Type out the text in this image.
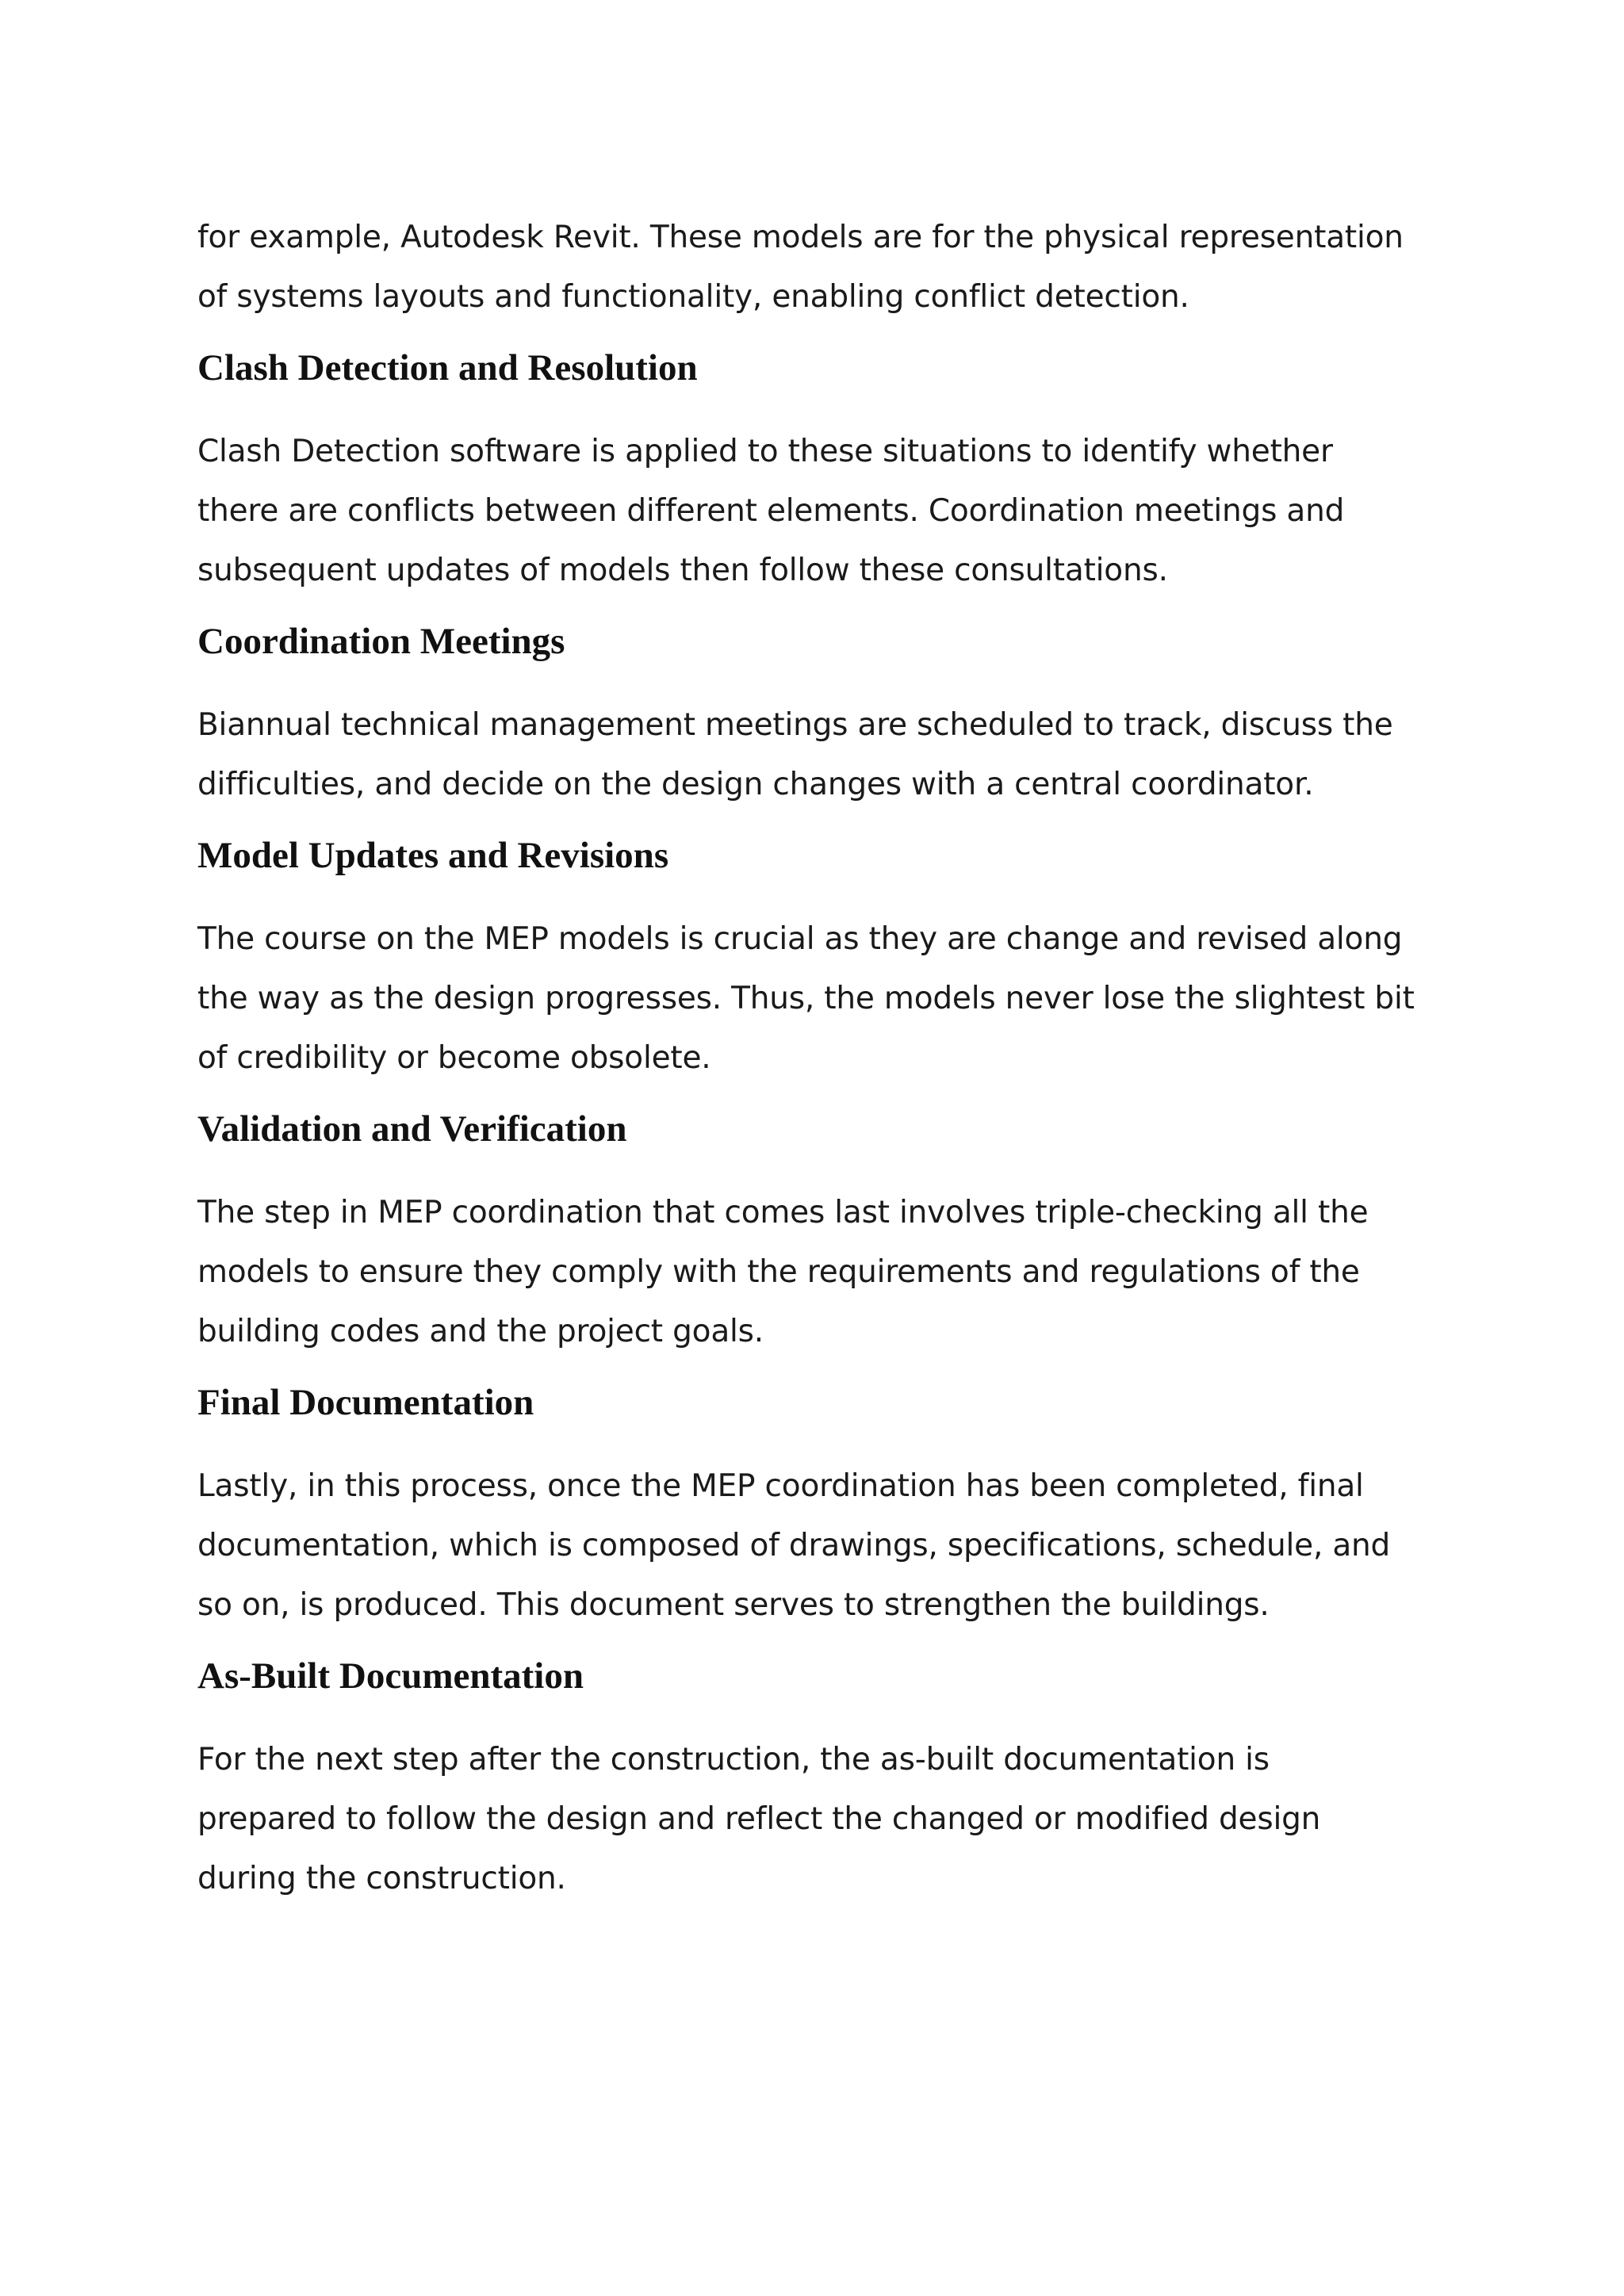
for example, Autodesk Revit. These models are for the physical representation
of systems layouts and functionality, enabling conflict detection.

Clash Detection and Resolution

Clash Detection software is applied to these situations to identify whether
there are conflicts between different elements. Coordination meetings and
subsequent updates of models then follow these consultations.

Coordination Meetings

Biannual technical management meetings are scheduled to track, discuss the
difficulties, and decide on the design changes with a central coordinator.

Model Updates and Revisions

The course on the MEP models is crucial as they are change and revised along
the way as the design progresses. Thus, the models never lose the slightest bit
of credibility or become obsolete.

Validation and Verification

The step in MEP coordination that comes last involves triple-checking all the
models to ensure they comply with the requirements and regulations of the
building codes and the project goals.

Final Documentation

Lastly, in this process, once the MEP coordination has been completed, final
documentation, which is composed of drawings, specifications, schedule, and
so on, is produced. This document serves to strengthen the buildings.

As-Built Documentation

For the next step after the construction, the as-built documentation is
prepared to follow the design and reflect the changed or modified design
during the construction.
